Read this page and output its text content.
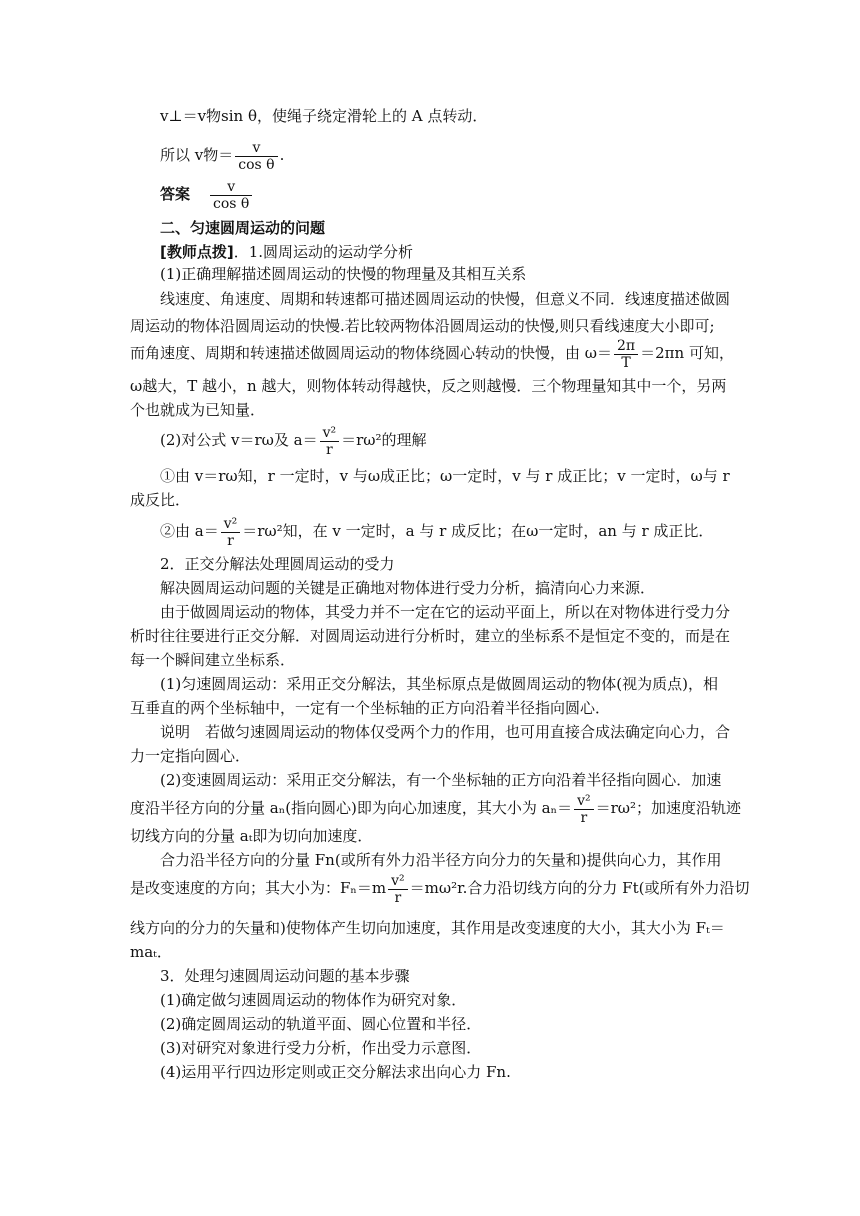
v⊥＝v物sin θ，使绳子绕定滑轮上的 A 点转动．
所以 v物＝ $\frac{v}{\text{cos θ}}$ .
答案 $\frac{v}{\text{cos θ}}$
二、匀速圆周运动的问题
[教师点拨]．1.圆周运动的运动学分析
(1)正确理解描述圆周运动的快慢的物理量及其相互关系
线速度、角速度、周期和转速都可描述圆周运动的快慢，但意义不同．线速度描述做圆
周运动的物体沿圆周运动的快慢.若比较两物体沿圆周运动的快慢,则只看线速度大小即可;
而角速度、周期和转速描述做圆周运动的物体绕圆心转动的快慢，由 $\omega= \frac{2\pi}{T} =2\pi n$ 可知，
ω越大，T 越小，n 越大，则物体转动得越快，反之则越慢．三个物理量知其中一个，另两
个也就成为已知量．
(2)对公式 v＝rω及 $a= \frac{\text{v²}}{r} =r\omega^2$的理解
①由 v＝rω知，r 一定时，v 与ω成正比；ω一定时，v 与 r 成正比；v 一定时，ω与 r
成反比．
②由 $a= \frac{\text{v²}}{r} =r\omega^2$知，在 v 一定时，a 与 r 成反比；在ω一定时，an 与 r 成正比．
2．正交分解法处理圆周运动的受力
解决圆周运动问题的关键是正确地对物体进行受力分析，搞清向心力来源．
由于做圆周运动的物体，其受力并不一定在它的运动平面上，所以在对物体进行受力分
析时往往要进行正交分解．对圆周运动进行分析时，建立的坐标系不是恒定不变的，而是在
每一个瞬间建立坐标系．
(1)匀速圆周运动：采用正交分解法，其坐标原点是做圆周运动的物体(视为质点)，相
互垂直的两个坐标轴中，一定有一个坐标轴的正方向沿着半径指向圆心．
说明　若做匀速圆周运动的物体仅受两个力的作用，也可用直接合成法确定向心力，合
力一定指向圆心．
(2)变速圆周运动：采用正交分解法，有一个坐标轴的正方向沿着半径指向圆心．加速
度沿半径方向的分量 aₙ(指向圆心)即为向心加速度，其大小为 $a_n= \frac{\text{v²}}{r} =r\omega^2$；加速度沿轨迹
切线方向的分量 aₜ即为切向加速度．
合力沿半径方向的分量 Fn(或所有外力沿半径方向分力的矢量和)提供向心力，其作用
是改变速度的方向；其大小为：$F_n=m \frac{\text{v²}}{r} =m\omega^2r$.合力沿切线方向的分力 Ft(或所有外力沿切
线方向的分力的矢量和)使物体产生切向加速度，其作用是改变速度的大小，其大小为 Fₜ＝
maₜ．
3．处理匀速圆周运动问题的基本步骤
(1)确定做匀速圆周运动的物体作为研究对象．
(2)确定圆周运动的轨道平面、圆心位置和半径．
(3)对研究对象进行受力分析，作出受力示意图．
(4)运用平行四边形定则或正交分解法求出向心力 Fn.
